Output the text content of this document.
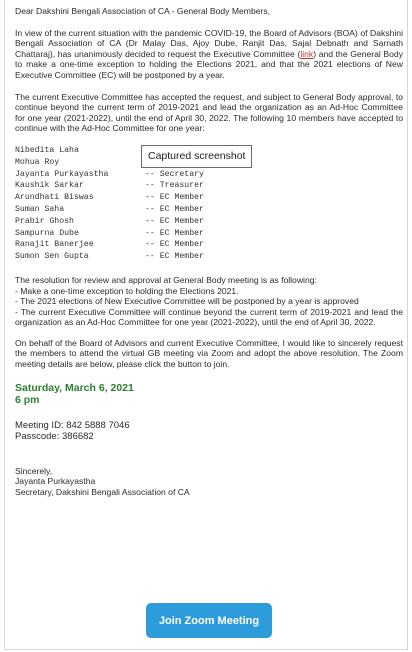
Dear Dakshini Bengali Association of CA - General Body Members,

In view of the current situation with the pandemic COVID-19, the Board of Advisors (BOA) of Dakshini Bengali Association of CA (Dr Malay Das, Ajoy Dube, Ranjit Das, Sajal Debnath and Sarnath Chattaraj), has unanimously decided to request the Executive Committee (link) and the General Body to make a one-time exception to holding the Elections 2021, and that the 2021 elections of New Executive Committee (EC) will be postponed by a year.

The current Executive Committee has accepted the request, and subject to General Body approval, to continue beyond the current term of 2019-2021 and lead the organization as an Ad-Hoc Committee for one year (2021-2022), until the end of April 30, 2022. The following 10 members have accepted to continue with the Ad-Hoc Committee for one year:

Nibedita Laha
Mohua Roy
Jayanta Purkayastha	-- Secretary
Kaushik Sarkar	-- Treasurer
Arundhati Biswas	-- EC Member
Suman Saha	-- EC Member
Prabir Ghosh	-- EC Member
Sampurna Dube	-- EC Member
Ranajit Banerjee	-- EC Member
Sumon Sen Gupta	-- EC Member
Captured screenshot

The resolution for review and approval at General Body meeting is as following:

- Make a one-time exception to holding the Elections 2021.

- The 2021 elections of New Executive Committee will be postponed by a year is approved

- The current Executive Committee will continue beyond the current term of 2019-2021 and lead the organization as an Ad-Hoc Committee for one year (2021-2022), until the end of April 30, 2022.

On behalf of the Board of Advisors and current Executive Committee, I would like to sincerely request the members to attend the virtual GB meeting via Zoom and adopt the above resolution. The Zoom meeting details are below, please click the button to join.

Saturday, March 6, 2021

6 pm

Meeting ID: 842 5888 7046

Passcode: 386682

Sincerely,

Jayanta Purkayastha

Secretary, Dakshini Bengali Association of CA

Join Zoom Meeting
